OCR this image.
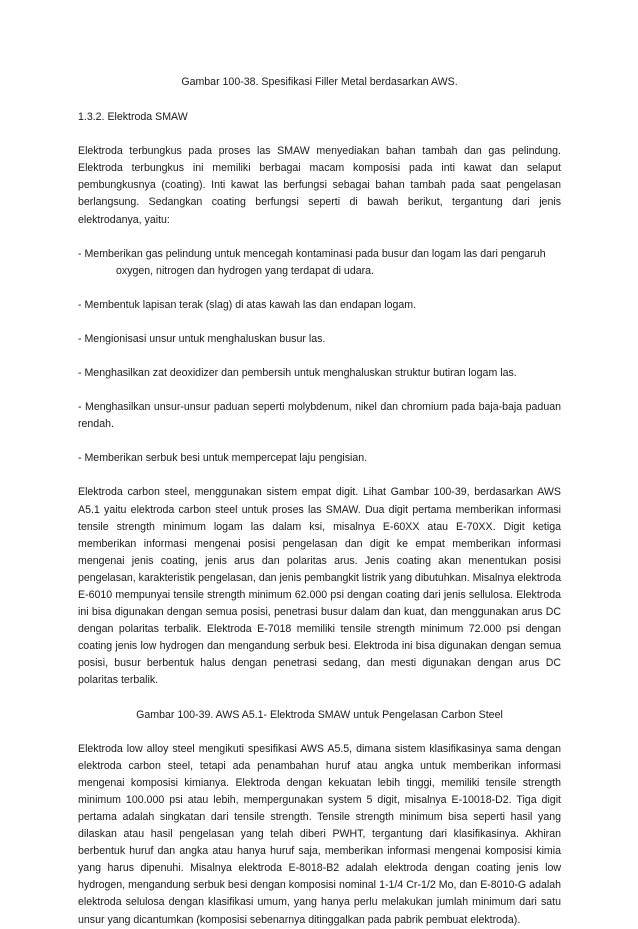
Gambar 100-38. Spesifikasi Filler Metal berdasarkan AWS.

1.3.2. Elektroda SMAW

Elektroda terbungkus pada proses las SMAW menyediakan bahan tambah dan gas pelindung. Elektroda terbungkus ini memiliki berbagai macam komposisi pada inti kawat dan selaput pembungkusnya (coating). Inti kawat las berfungsi sebagai bahan tambah pada saat pengelasan berlangsung. Sedangkan coating berfungsi seperti di bawah berikut, tergantung dari jenis elektrodanya, yaitu:

- Memberikan gas pelindung untuk mencegah kontaminasi pada busur dan logam las dari pengaruh
oxygen, nitrogen dan hydrogen yang terdapat di udara.

- Membentuk lapisan terak (slag) di atas kawah las dan endapan logam.

- Mengionisasi unsur untuk menghaluskan busur las.

- Menghasilkan zat deoxidizer dan pembersih untuk menghaluskan struktur butiran logam las.

- Menghasilkan unsur-unsur paduan seperti molybdenum, nikel dan chromium pada baja-baja paduan rendah.

- Memberikan serbuk besi untuk mempercepat laju pengisian.

Elektroda carbon steel, menggunakan sistem empat digit. Lihat Gambar 100-39, berdasarkan AWS A5.1 yaitu elektroda carbon steel untuk proses las SMAW. Dua digit pertama memberikan informasi tensile strength minimum logam las dalam ksi, misalnya E-60XX atau E-70XX. Digit ketiga memberikan informasi mengenai posisi pengelasan dan digit ke empat memberikan informasi mengenai jenis coating, jenis arus dan polaritas arus. Jenis coating akan menentukan posisi pengelasan, karakteristik pengelasan, dan jenis pembangkit listrik yang dibutuhkan. Misalnya elektroda E-6010 mempunyai tensile strength minimum 62.000 psi dengan coating dari jenis sellulosa. Elektroda ini bisa digunakan dengan semua posisi, penetrasi busur dalam dan kuat, dan menggunakan arus DC dengan polaritas terbalik. Elektroda E-7018 memiliki tensile strength minimum 72.000 psi dengan coating jenis low hydrogen dan mengandung serbuk besi. Elektroda ini bisa digunakan dengan semua posisi, busur berbentuk halus dengan penetrasi sedang, dan mesti digunakan dengan arus DC polaritas terbalik.

Gambar 100-39. AWS A5.1- Elektroda SMAW untuk Pengelasan Carbon Steel

Elektroda low alloy steel mengikuti spesifikasi AWS A5.5, dimana sistem klasifikasinya sama dengan elektroda carbon steel, tetapi ada penambahan huruf atau angka untuk memberikan informasi mengenai komposisi kimianya. Elektroda dengan kekuatan lebih tinggi, memiliki tensile strength minimum 100.000 psi atau lebih, mempergunakan system 5 digit, misalnya E-10018-D2. Tiga digit pertama adalah singkatan dari tensile strength. Tensile strength minimum bisa seperti hasil yang dilaskan atau hasil pengelasan yang telah diberi PWHT, tergantung dari klasifikasinya. Akhiran berbentuk huruf dan angka atau hanya huruf saja, memberikan informasi mengenai komposisi kimia yang harus dipenuhi. Misalnya elektroda E-8018-B2 adalah elektroda dengan coating jenis low hydrogen, mengandung serbuk besi dengan komposisi nominal 1-1/4 Cr-1/2 Mo, dan E-8010-G adalah elektroda selulosa dengan klasifikasi umum, yang hanya perlu melakukan jumlah minimum dari satu unsur yang dicantumkan (komposisi sebenarnya ditinggalkan pada pabrik pembuat elektroda).
